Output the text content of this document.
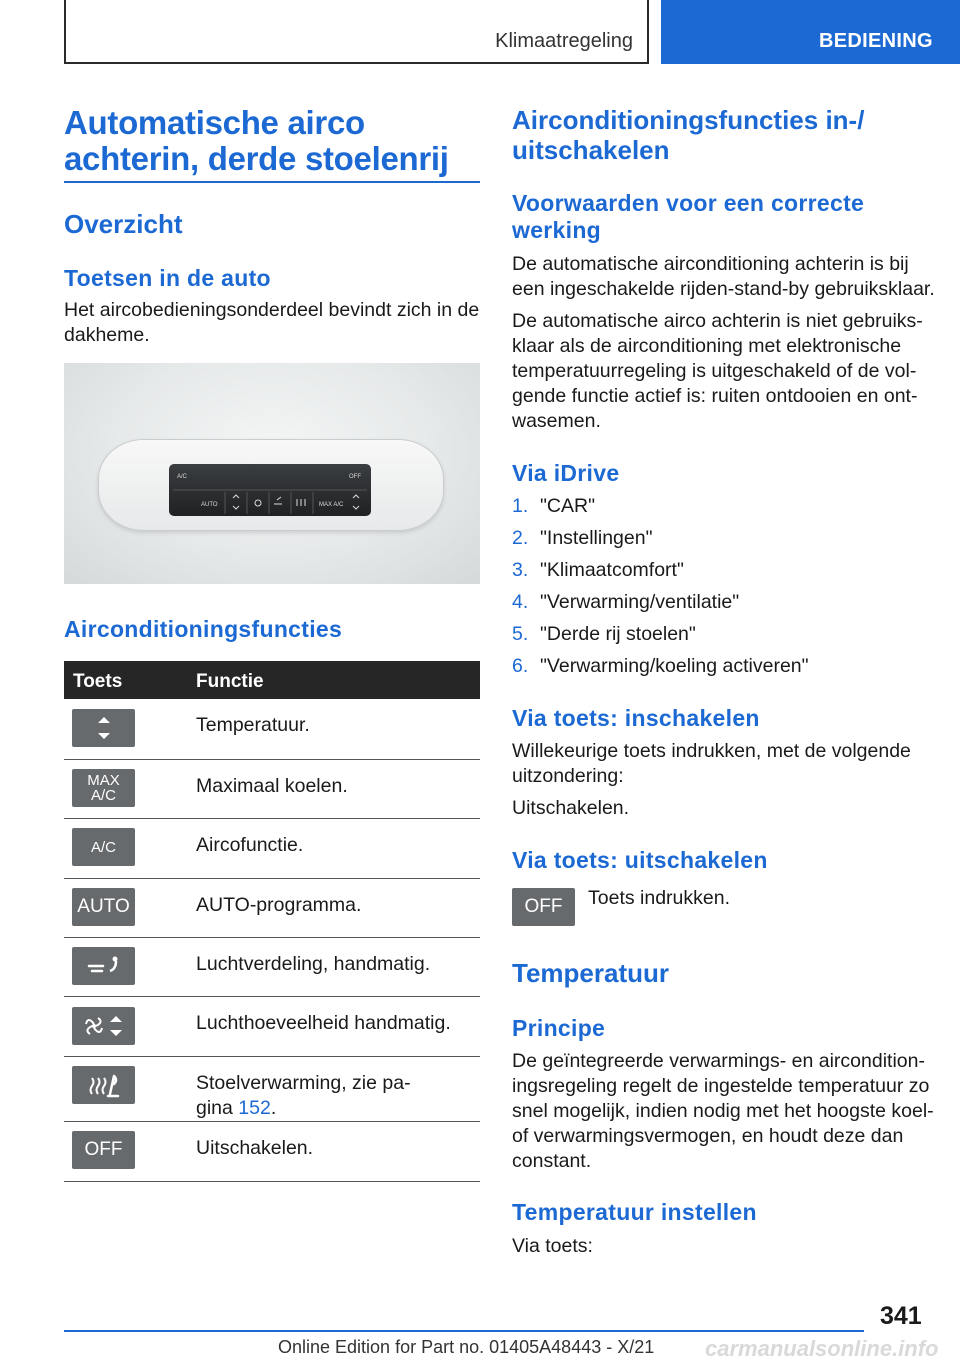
Klimaatregeling	BEDIENING
Automatische airco
achterin, derde stoelenrij
Overzicht
Toetsen in de auto
Het aircobedieningsonderdeel bevindt zich in de
dakheme.
A/C	OFF
AUTO	MAX A/C
Airconditioningsfuncties
Toets	Functie
Temperatuur.
MAX
A/C	Maximaal koelen.
A/C	Aircofunctie.
AUTO	AUTO-programma.
Luchtverdeling, handmatig.
Luchthoeveelheid handmatig.
Stoelverwarming, zie pa-
gina 152.
OFF	Uitschakelen.
Airconditioningsfuncties in-/
uitschakelen
Voorwaarden voor een correcte
werking
De automatische airconditioning achterin is bij
een ingeschakelde rijden-stand-by gebruiksklaar.
De automatische airco achterin is niet gebruiks-
klaar als de airconditioning met elektronische
temperatuurregeling is uitgeschakeld of de vol-
gende functie actief is: ruiten ontdooien en ont-
wasemen.
Via iDrive
1. "CAR"
2. "Instellingen"
3. "Klimaatcomfort"
4. "Verwarming/ventilatie"
5. "Derde rij stoelen"
6. "Verwarming/koeling activeren"
Via toets: inschakelen
Willekeurige toets indrukken, met de volgende
uitzondering:
Uitschakelen.
Via toets: uitschakelen
OFF	Toets indrukken.
Temperatuur
Principe
De geïntegreerde verwarmings- en aircondition-
ingsregeling regelt de ingestelde temperatuur zo
snel mogelijk, indien nodig met het hoogste koel-
of verwarmingsvermogen, en houdt deze dan
constant.
Temperatuur instellen
Via toets:
341
Online Edition for Part no. 01405A48443 - X/21 carmanualsonline.info
